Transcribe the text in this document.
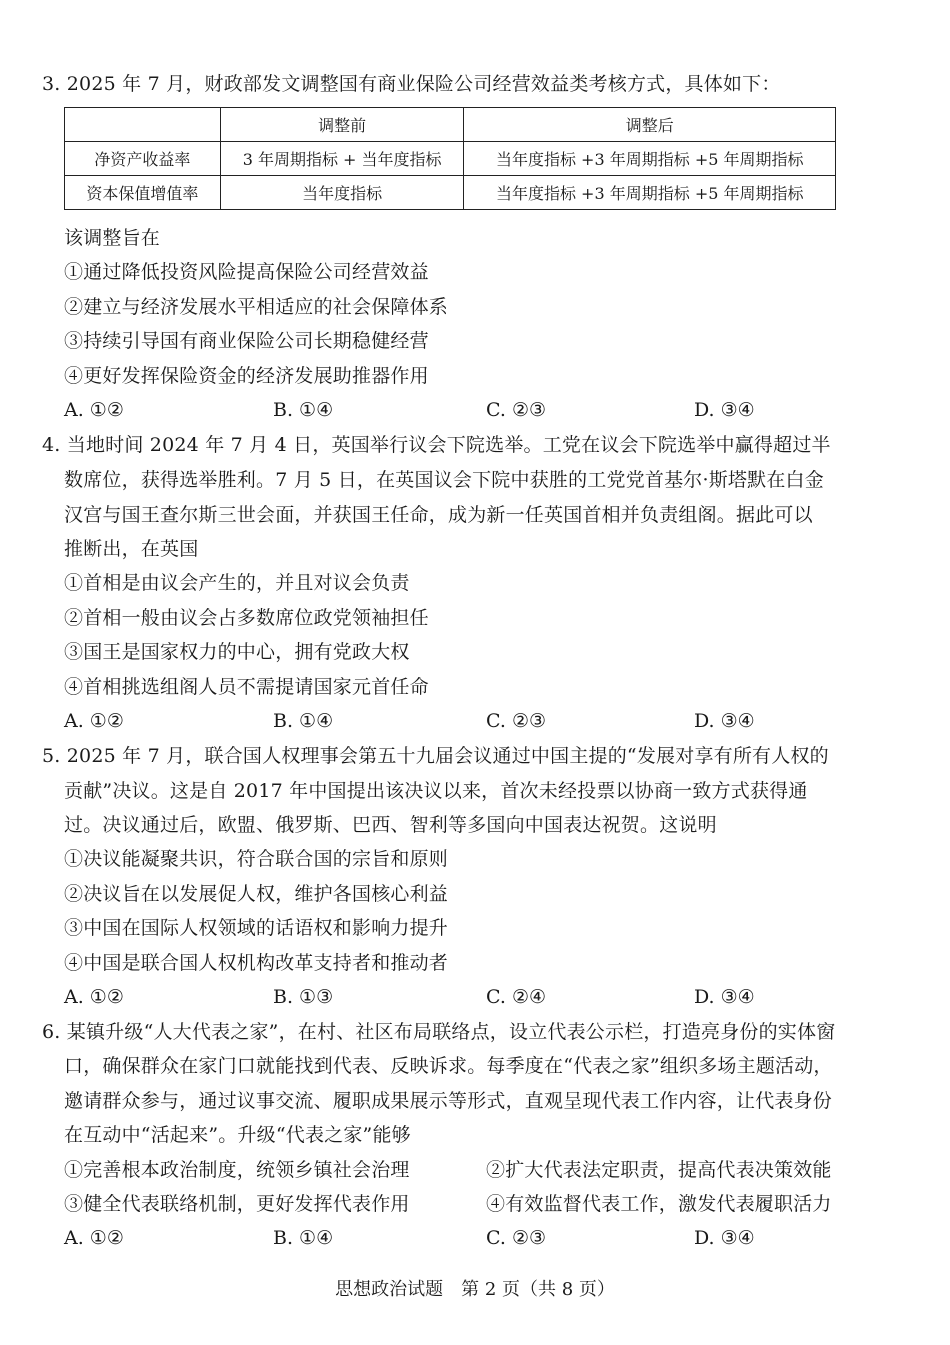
3. 2025 年 7 月，财政部发文调整国有商业保险公司经营效益类考核方式，具体如下：
	调整前	调整后
净资产收益率	3 年周期指标 + 当年度指标	当年度指标 +3 年周期指标 +5 年周期指标
资本保值增值率	当年度指标	当年度指标 +3 年周期指标 +5 年周期指标
该调整旨在
①通过降低投资风险提高保险公司经营效益
②建立与经济发展水平相适应的社会保障体系
③持续引导国有商业保险公司长期稳健经营
④更好发挥保险资金的经济发展助推器作用
A. ①②	B. ①④	C. ②③	D. ③④
4. 当地时间 2024 年 7 月 4 日，英国举行议会下院选举。工党在议会下院选举中赢得超过半
数席位，获得选举胜利。7 月 5 日，在英国议会下院中获胜的工党党首基尔·斯塔默在白金
汉宫与国王查尔斯三世会面，并获国王任命，成为新一任英国首相并负责组阁。据此可以
推断出，在英国
①首相是由议会产生的，并且对议会负责
②首相一般由议会占多数席位政党领袖担任
③国王是国家权力的中心，拥有党政大权
④首相挑选组阁人员不需提请国家元首任命
A. ①②	B. ①④	C. ②③	D. ③④
5. 2025 年 7 月，联合国人权理事会第五十九届会议通过中国主提的“发展对享有所有人权的
贡献”决议。这是自 2017 年中国提出该决议以来，首次未经投票以协商一致方式获得通
过。决议通过后，欧盟、俄罗斯、巴西、智利等多国向中国表达祝贺。这说明
①决议能凝聚共识，符合联合国的宗旨和原则
②决议旨在以发展促人权，维护各国核心利益
③中国在国际人权领域的话语权和影响力提升
④中国是联合国人权机构改革支持者和推动者
A. ①②	B. ①③	C. ②④	D. ③④
6. 某镇升级“人大代表之家”，在村、社区布局联络点，设立代表公示栏，打造亮身份的实体窗
口，确保群众在家门口就能找到代表、反映诉求。每季度在“代表之家”组织多场主题活动，
邀请群众参与，通过议事交流、履职成果展示等形式，直观呈现代表工作内容，让代表身份
在互动中“活起来”。升级“代表之家”能够
①完善根本政治制度，统领乡镇社会治理	②扩大代表法定职责，提高代表决策效能
③健全代表联络机制，更好发挥代表作用	④有效监督代表工作，激发代表履职活力
A. ①②	B. ①④	C. ②③	D. ③④
思想政治试题　第 2 页（共 8 页）
